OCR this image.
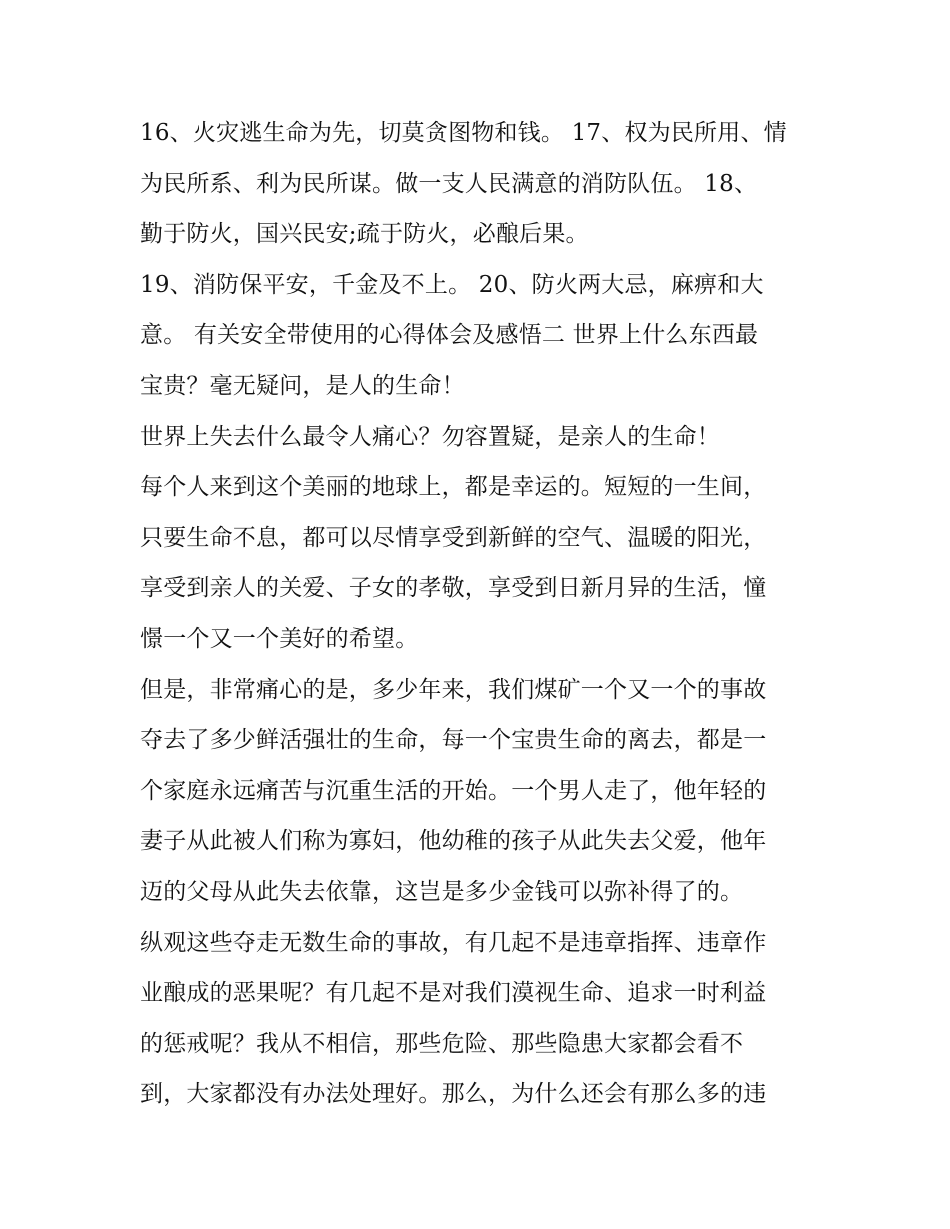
16、火灾逃生命为先，切莫贪图物和钱。 17、权为民所用、情
为民所系、利为民所谋。做一支人民满意的消防队伍。 18、
勤于防火，国兴民安;疏于防火，必酿后果。
19、消防保平安，千金及不上。 20、防火两大忌，麻痹和大
意。 有关安全带使用的心得体会及感悟二 世界上什么东西最
宝贵？毫无疑问，是人的生命！
世界上失去什么最令人痛心？勿容置疑，是亲人的生命！
每个人来到这个美丽的地球上，都是幸运的。短短的一生间，
只要生命不息，都可以尽情享受到新鲜的空气、温暖的阳光，
享受到亲人的关爱、子女的孝敬，享受到日新月异的生活，憧
憬一个又一个美好的希望。
但是，非常痛心的是，多少年来，我们煤矿一个又一个的事故
夺去了多少鲜活强壮的生命，每一个宝贵生命的离去，都是一
个家庭永远痛苦与沉重生活的开始。一个男人走了，他年轻的
妻子从此被人们称为寡妇，他幼稚的孩子从此失去父爱，他年
迈的父母从此失去依靠，这岂是多少金钱可以弥补得了的。
纵观这些夺走无数生命的事故，有几起不是违章指挥、违章作
业酿成的恶果呢？有几起不是对我们漠视生命、追求一时利益
的惩戒呢？我从不相信，那些危险、那些隐患大家都会看不
到，大家都没有办法处理好。那么，为什么还会有那么多的违
